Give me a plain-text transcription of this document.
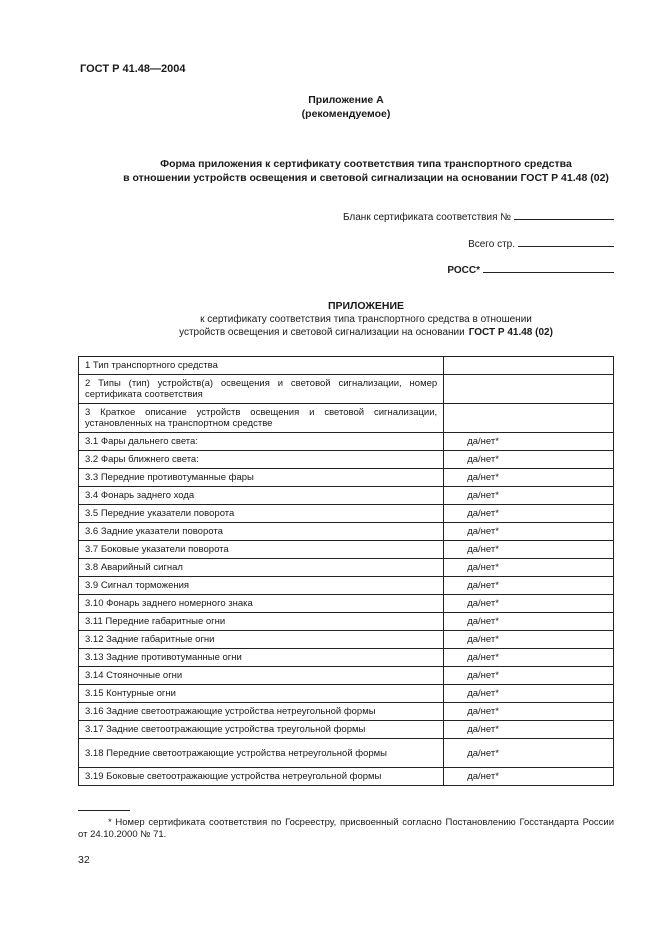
ГОСТ Р 41.48—2004
Приложение А
(рекомендуемое)
Форма приложения к сертификату соответствия типа транспортного средства
в отношении устройств освещения и световой сигнализации на основании ГОСТ Р 41.48 (02)
Бланк сертификата соответствия №
Всего стр.
РОСС*
ПРИЛОЖЕНИЕ
к сертификату соответствия типа транспортного средства в отношении
устройств освещения и световой сигнализации на основании ГОСТ Р 41.48 (02)
1 Тип транспортного средства	

2 Типы (тип) устройств(а) освещения и световой сигнализации, номер сертификата соответствия	

3 Краткое описание устройств освещения и световой сигнализации, установленных на транспортном средстве	

3.1 Фары дальнего света:	да/нет*

3.2 Фары ближнего света:	да/нет*

3.3 Передние противотуманные фары	да/нет*

3.4 Фонарь заднего хода	да/нет*

3.5 Передние указатели поворота	да/нет*

3.6 Задние указатели поворота	да/нет*

3.7 Боковые указатели поворота	да/нет*

3.8 Аварийный сигнал	да/нет*

3.9 Сигнал торможения	да/нет*

3.10 Фонарь заднего номерного знака	да/нет*

3.11 Передние габаритные огни	да/нет*

3.12 Задние габаритные огни	да/нет*

3.13 Задние противотуманные огни	да/нет*

3.14 Стояночные огни	да/нет*

3.15 Контурные огни	да/нет*

3.16 Задние светоотражающие устройства нетреугольной формы	да/нет*

3.17 Задние светоотражающие устройства треугольной формы	да/нет*

3.18 Передние светоотражающие устройства нетреугольной формы	да/нет*

3.19 Боковые светоотражающие устройства нетреугольной формы	да/нет*
* Номер сертификата соответствия по Госреестру, присвоенный согласно Постановлению Госстандарта России от 24.10.2000 № 71.
32
